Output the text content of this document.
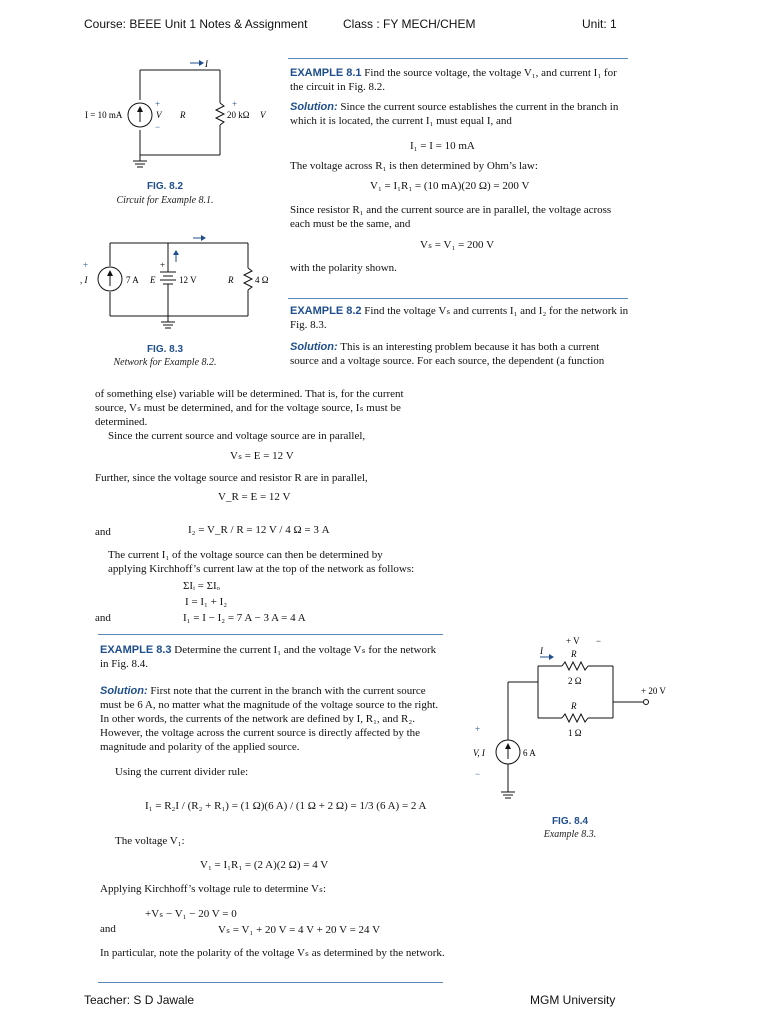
Course: BEEE Unit 1 Notes & Assignment	Class : FY MECH/CHEM	Unit: 1
I = 10 mA
+
V
−
R	20 kΩ
+
V
I
FIG. 8.2
Circuit for Example 8.1.
+
, I	7 A E	12 V
+
R 4 Ω
FIG. 8.3
Network for Example 8.2.
EXAMPLE 8.1 Find the source voltage, the voltage V₁, and current I₁ for the circuit in Fig. 8.2.
Solution: Since the current source establishes the current in the branch in which it is located, the current I₁ must equal I, and
I₁ = I = 10 mA
The voltage across R₁ is then determined by Ohm’s law:
V₁ = I₁R₁ = (10 mA)(20 Ω) = 200 V
Since resistor R₁ and the current source are in parallel, the voltage across each must be the same, and
Vₛ = V₁ = 200 V
with the polarity shown.
EXAMPLE 8.2 Find the voltage Vₛ and currents I₁ and I₂ for the network in Fig. 8.3.
Solution: This is an interesting problem because it has both a current source and a voltage source. For each source, the dependent (a function
of something else) variable will be determined. That is, for the current source, Vₛ must be determined, and for the voltage source, Iₛ must be determined.
Since the current source and voltage source are in parallel,
Vₛ = E = 12 V
Further, since the voltage source and resistor R are in parallel,
V_R = E = 12 V
and	I₂ = V_R / R = 12 V / 4 Ω = 3 A
The current I₁ of the voltage source can then be determined by applying Kirchhoff’s current law at the top of the network as follows:
ΣIᵢ = ΣIₒ
I = I₁ + I₂
and	I₁ = I − I₂ = 7 A − 3 A = 4 A
EXAMPLE 8.3 Determine the current I₁ and the voltage Vₛ for the network in Fig. 8.4.
Solution: First note that the current in the branch with the current source must be 6 A, no matter what the magnitude of the voltage source to the right. In other words, the currents of the network are defined by I, R₁, and R₂. However, the voltage across the current source is directly affected by the magnitude and polarity of the applied source.
Using the current divider rule:
I₁ = R₂I / (R₂ + R₁) = (1 Ω)(6 A) / (1 Ω + 2 Ω) = 1/3 (6 A) = 2 A
The voltage V₁:
V₁ = I₁R₁ = (2 A)(2 Ω) = 4 V
Applying Kirchhoff’s voltage rule to determine Vₛ:
+Vₛ − V₁ − 20 V = 0
and	Vₛ = V₁ + 20 V = 4 V + 20 V = 24 V
In particular, note the polarity of the voltage Vₛ as determined by the network.
+ V −
R
I
2 Ω
R
1 Ω
6 A
+ 20 V
+
V, I
−
FIG. 8.4
Example 8.3.
Teacher: S D Jawale	MGM University
